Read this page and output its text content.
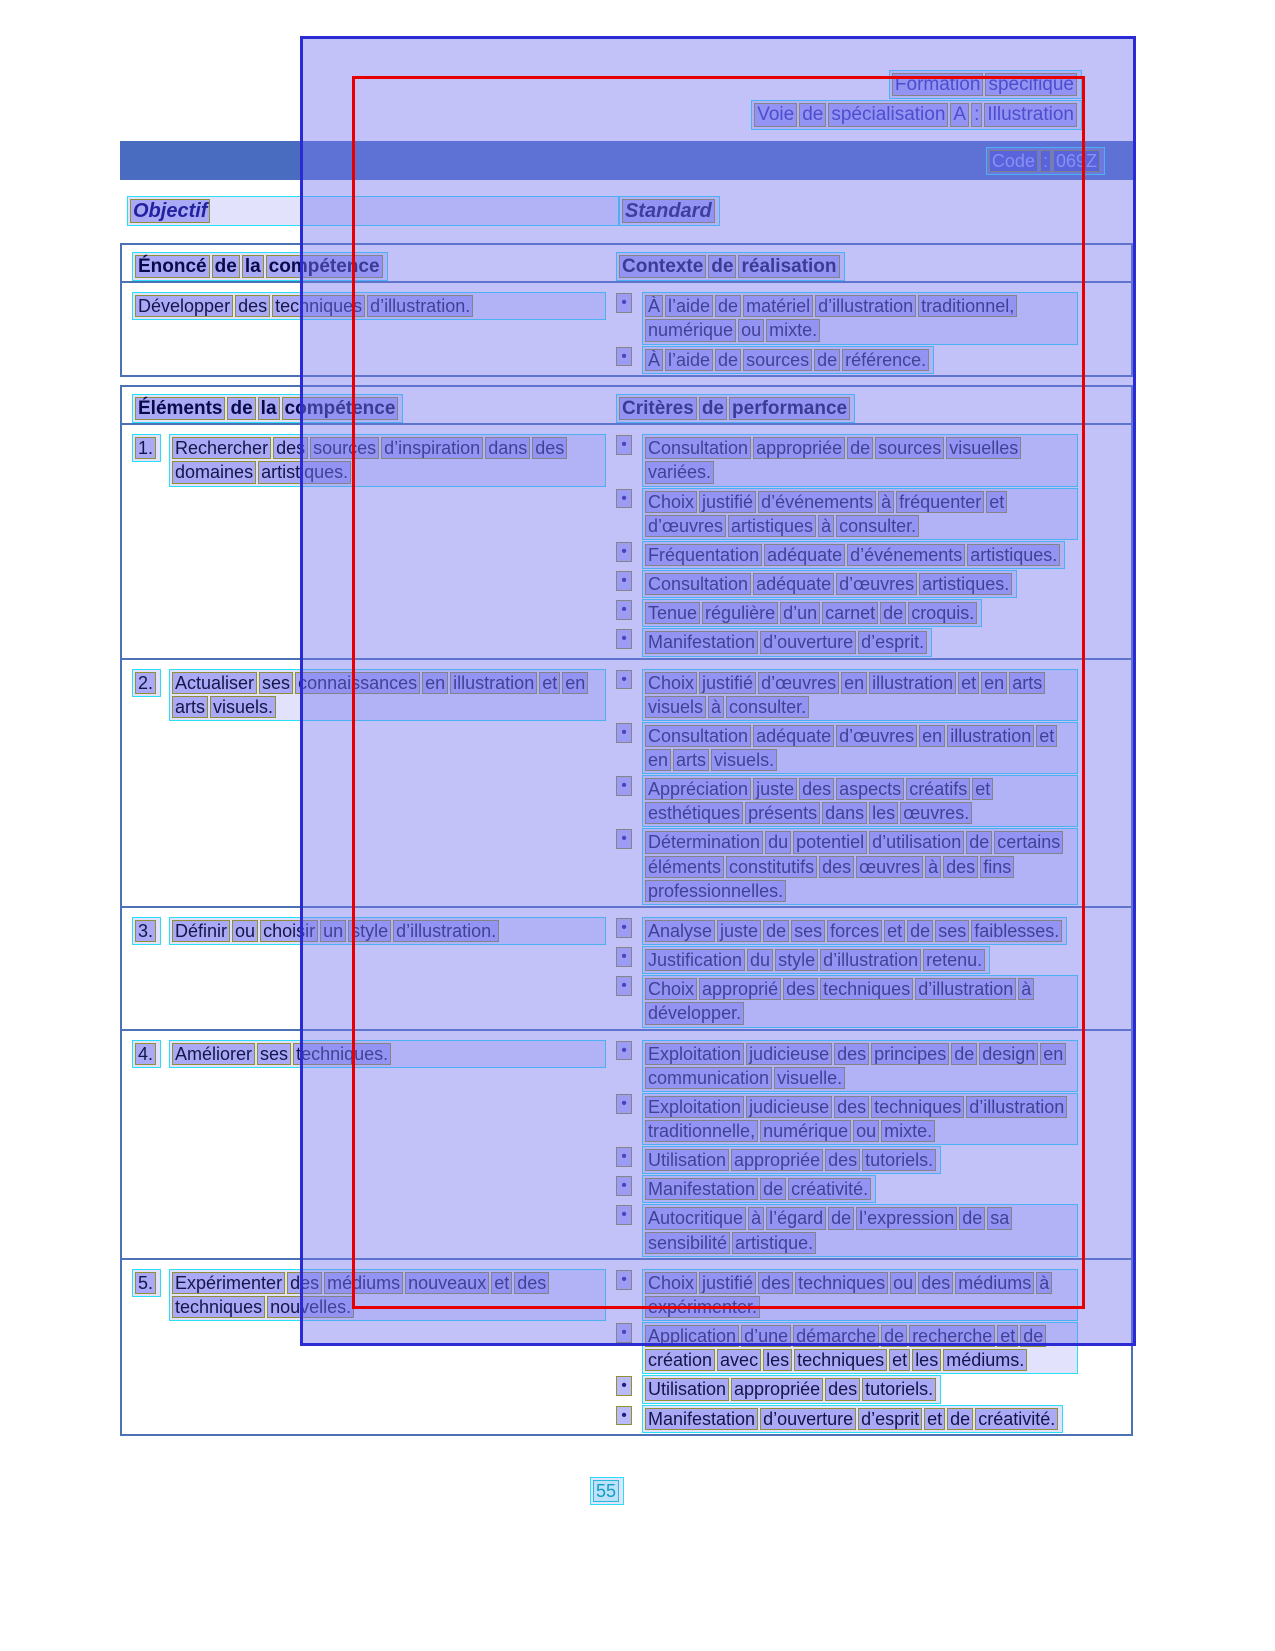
Code : 069Z
Formation spécifique
Voie de spécialisation A : Illustration
Objectif	Standard
Énoncé de la compétence	Contexte de réalisation
Développer des techniques d’illustration.	•	À l’aide de matériel d’illustration traditionnel,numérique ou mixte.
•	À l’aide de sources de référence.
Éléments de la compétence	Critères de performance
1.	Rechercher des sources d’inspiration dans desdomaines artistiques.
•	Consultation appropriée de sources visuellesvariées.
•	Choix justifié d’événements à fréquenter etd’œuvres artistiques à consulter.
•	Fréquentation adéquate d’événements artistiques.
•	Consultation adéquate d’œuvres artistiques.
•	Tenue régulière d’un carnet de croquis.
•	Manifestation d’ouverture d’esprit.
2.	Actualiser ses connaissances en illustration et enarts visuels.
•	Choix justifié d’œuvres en illustration et en artsvisuels à consulter.
•	Consultation adéquate d’œuvres en illustration eten arts visuels.
•	Appréciation juste des aspects créatifs etesthétiques présents dans les œuvres.
•	Détermination du potentiel d’utilisation de certainséléments constitutifs des œuvres à des finsprofessionnelles.
3.	Définir ou choisir un style d’illustration.	•	Analyse juste de ses forces et de ses faiblesses.
•	Justification du style d’illustration retenu.
•	Choix approprié des techniques d’illustration àdévelopper.
4.	Améliorer ses techniques.	•	Exploitation judicieuse des principes de design encommunication visuelle.
•	Exploitation judicieuse des techniques d’illustrationtraditionnelle, numérique ou mixte.
•	Utilisation appropriée des tutoriels.
•	Manifestation de créativité.
•	Autocritique à l’égard de l’expression de sasensibilité artistique.
5.	Expérimenter des médiums nouveaux et destechniques nouvelles.
•	Choix justifié des techniques ou des médiums àexpérimenter.
•	Application d’une démarche de recherche et decréation avec les techniques et les médiums.
•	Utilisation appropriée des tutoriels.
•	Manifestation d’ouverture d’esprit et de créativité.
55
